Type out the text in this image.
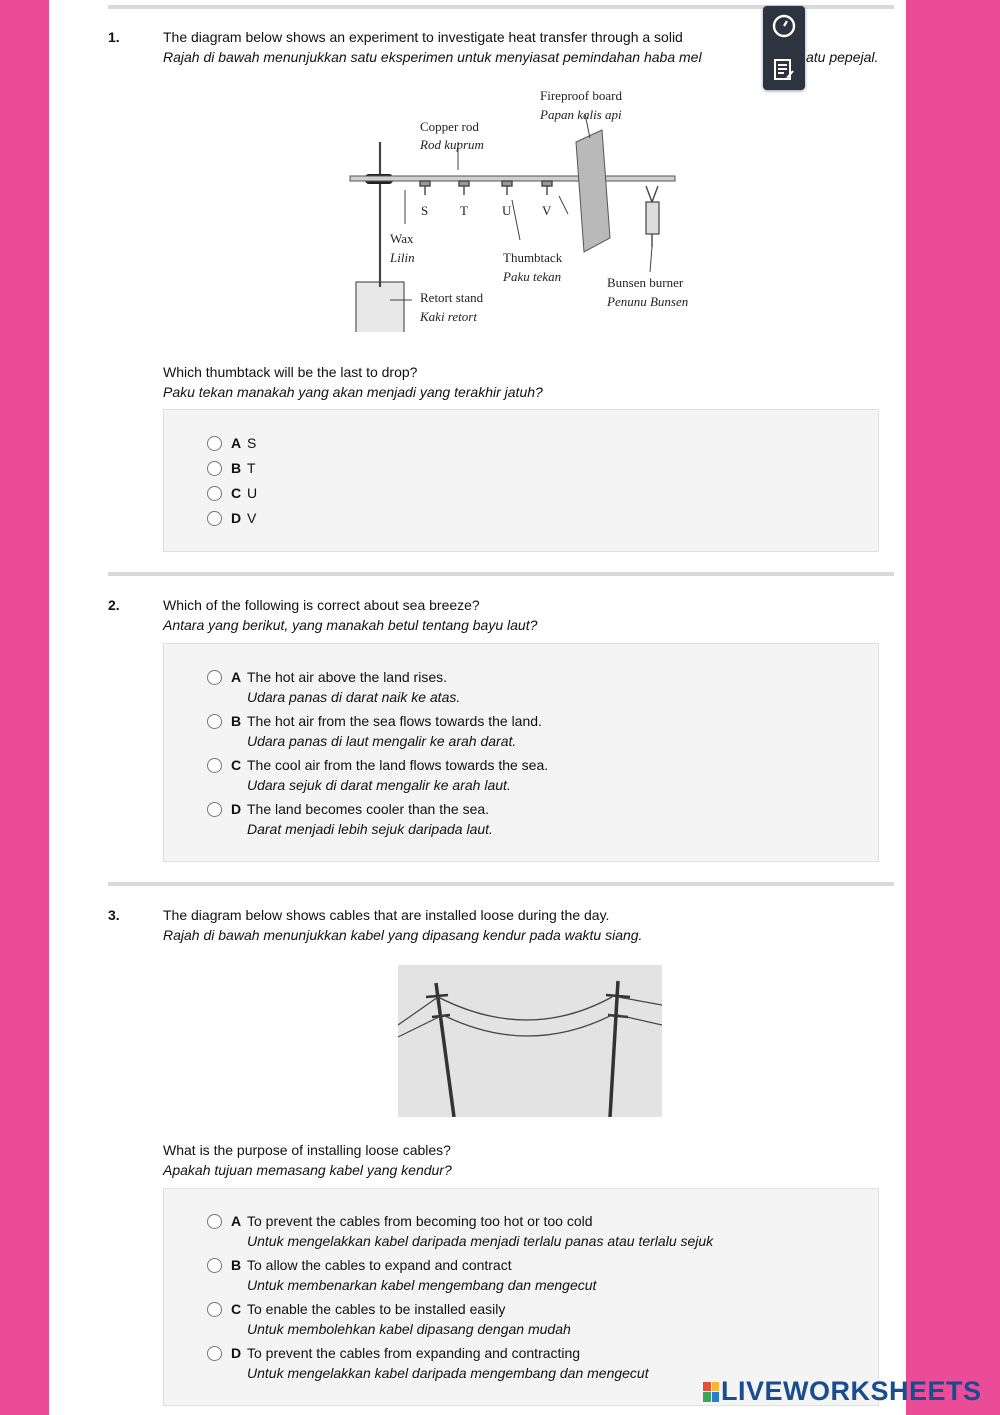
1.	The diagram below shows an experiment to investigate heat transfer through a solid
Rajah di bawah menunjukkan satu eksperimen untuk menyiasat pemindahan haba mel	atu pepejal.
Fireproof board
Papan kalis api
Copper rod
Rod kuprum
S T	U V
Wax
Lilin	Thumbtack
Paku tekan	Bunsen burner
Penunu Bunsen
Retort stand
Kaki retort
Which thumbtack will be the last to drop?
Paku tekan manakah yang akan menjadi yang terakhir jatuh?
A S
B T
C U
D V
2.	Which of the following is correct about sea breeze?
Antara yang berikut, yang manakah betul tentang bayu laut?
A The hot air above the land rises.
Udara panas di darat naik ke atas.
B The hot air from the sea flows towards the land.
Udara panas di laut mengalir ke arah darat.
C The cool air from the land flows towards the sea.
Udara sejuk di darat mengalir ke arah laut.
D The land becomes cooler than the sea.
Darat menjadi lebih sejuk daripada laut.
3.	The diagram below shows cables that are installed loose during the day.
Rajah di bawah menunjukkan kabel yang dipasang kendur pada waktu siang.
What is the purpose of installing loose cables?
Apakah tujuan memasang kabel yang kendur?
A To prevent the cables from becoming too hot or too cold
Untuk mengelakkan kabel daripada menjadi terlalu panas atau terlalu sejuk
B To allow the cables to expand and contract
Untuk membenarkan kabel mengembang dan mengecut
C To enable the cables to be installed easily
Untuk membolehkan kabel dipasang dengan mudah
D To prevent the cables from expanding and contracting
Untuk mengelakkan kabel daripada mengembang dan mengecut
LIVEWORKSHEETS
